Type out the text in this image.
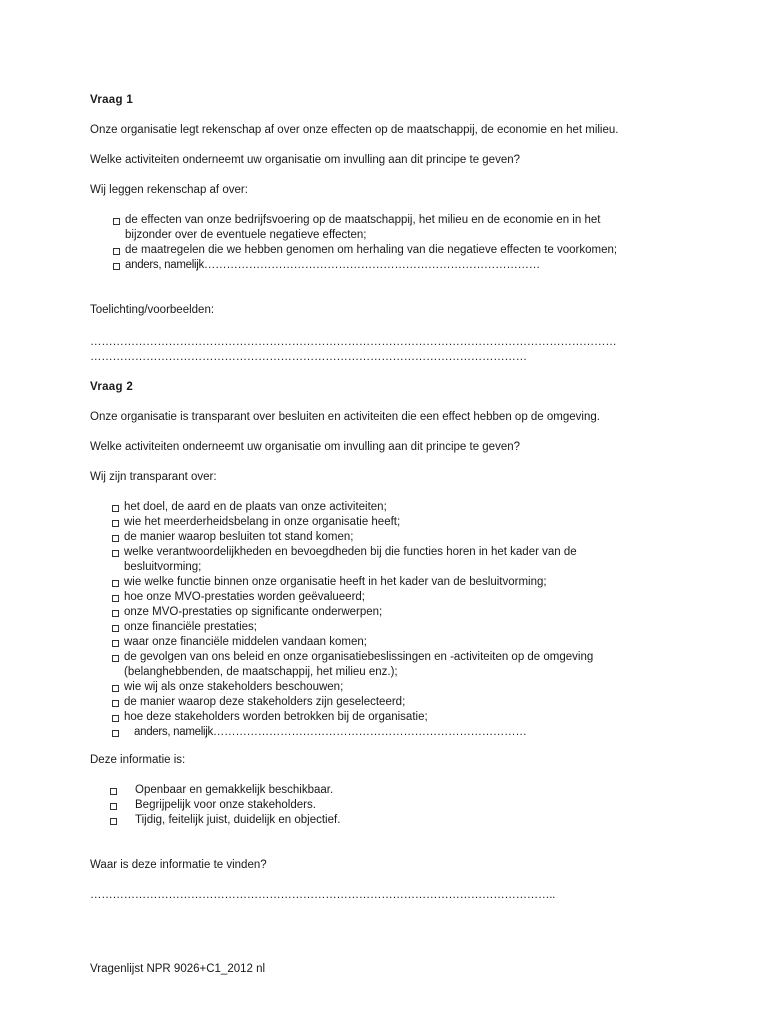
Vraag 1
Onze organisatie legt rekenschap af over onze effecten op de maatschappij, de economie en het milieu.
Welke activiteiten onderneemt uw organisatie om invulling aan dit principe te geven?
Wij leggen rekenschap af over:
de effecten van onze bedrijfsvoering op de maatschappij, het milieu en de economie en in het
bijzonder over de eventuele negatieve effecten;
de maatregelen die we hebben genomen om herhaling van die negatieve effecten te voorkomen;
anders, namelijk………………………………………………………………………………
Toelichting/voorbeelden:
……………………………………………………………………………………………………………………………
………………………………………………………………………………………………………
Vraag 2
Onze organisatie is transparant over besluiten en activiteiten die een effect hebben op de omgeving.
Welke activiteiten onderneemt uw organisatie om invulling aan dit principe te geven?
Wij zijn transparant over:
het doel, de aard en de plaats van onze activiteiten;
wie het meerderheidsbelang in onze organisatie heeft;
de manier waarop besluiten tot stand komen;
welke verantwoordelijkheden en bevoegdheden bij die functies horen in het kader van de
besluitvorming;
wie welke functie binnen onze organisatie heeft in het kader van de besluitvorming;
hoe onze MVO-prestaties worden geëvalueerd;
onze MVO-prestaties op significante onderwerpen;
onze financiële prestaties;
waar onze financiële middelen vandaan komen;
de gevolgen van ons beleid en onze organisatiebeslissingen en -activiteiten op de omgeving
(belanghebbenden, de maatschappij, het milieu enz.);
wie wij als onze stakeholders beschouwen;
de manier waarop deze stakeholders zijn geselecteerd;
hoe deze stakeholders worden betrokken bij de organisatie;
anders, namelijk…………………………………………………………………………
Deze informatie is:
Openbaar en gemakkelijk beschikbaar.
Begrijpelijk voor onze stakeholders.
Tijdig, feitelijk juist, duidelijk en objectief.
Waar is deze informatie te vinden?
……………………………………………………………………………………………………………..
Vragenlijst NPR 9026+C1_2012 nl
